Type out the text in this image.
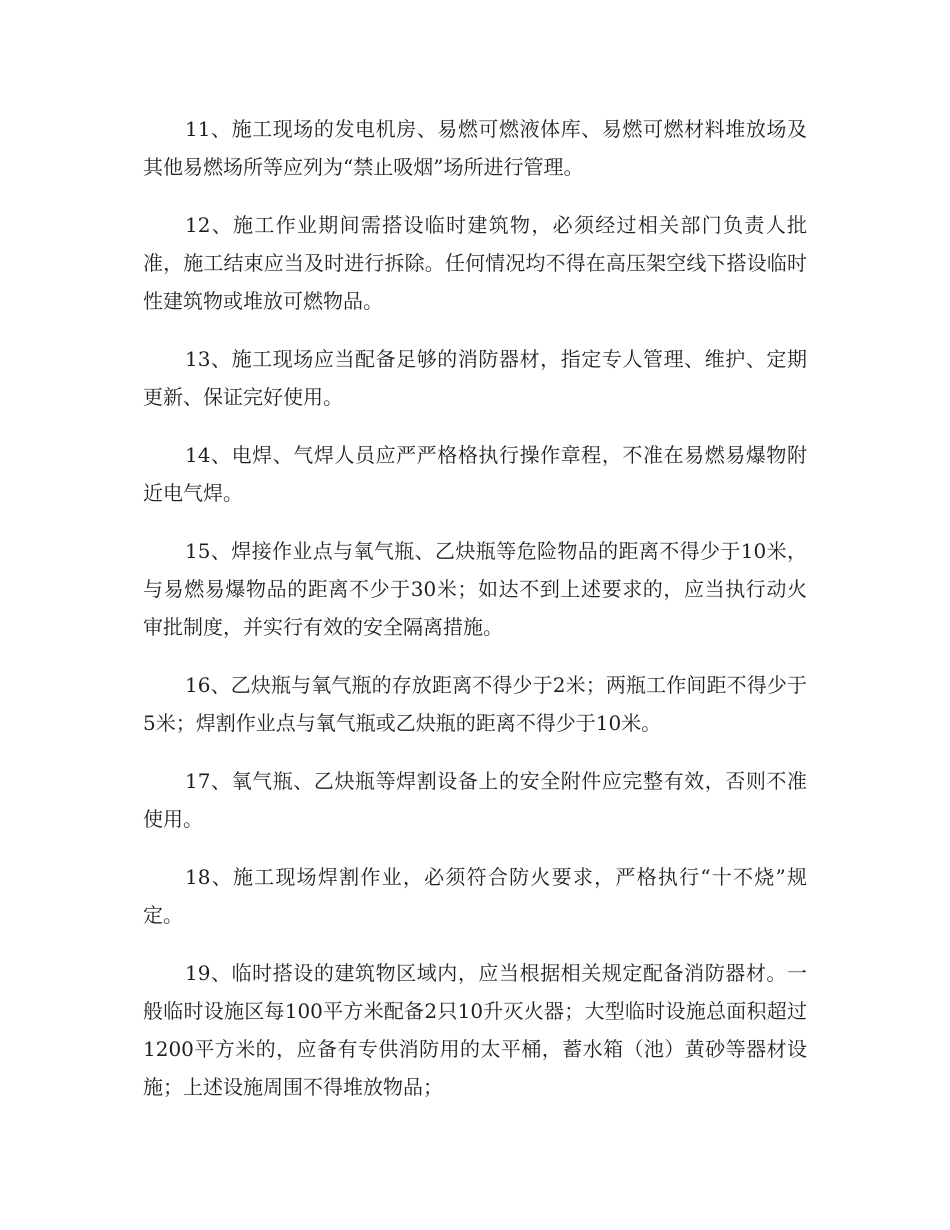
11、施工现场的发电机房、易燃可燃液体库、易燃可燃材料堆放场及其他易燃场所等应列为“禁止吸烟”场所进行管理。

12、施工作业期间需搭设临时建筑物，必须经过相关部门负责人批准，施工结束应当及时进行拆除。任何情况均不得在高压架空线下搭设临时性建筑物或堆放可燃物品。

13、施工现场应当配备足够的消防器材，指定专人管理、维护、定期更新、保证完好使用。

14、电焊、气焊人员应严严格格执行操作章程，不准在易燃易爆物附近电气焊。

15、焊接作业点与氧气瓶、乙炔瓶等危险物品的距离不得少于10米，与易燃易爆物品的距离不少于30米；如达不到上述要求的，应当执行动火审批制度，并实行有效的安全隔离措施。

16、乙炔瓶与氧气瓶的存放距离不得少于2米；两瓶工作间距不得少于5米；焊割作业点与氧气瓶或乙炔瓶的距离不得少于10米。

17、氧气瓶、乙炔瓶等焊割设备上的安全附件应完整有效，否则不准使用。

18、施工现场焊割作业，必须符合防火要求，严格执行“十不烧”规定。

19、临时搭设的建筑物区域内，应当根据相关规定配备消防器材。一般临时设施区每100平方米配备2只10升灭火器；大型临时设施总面积超过1200平方米的，应备有专供消防用的太平桶，蓄水箱（池）黄砂等器材设施；上述设施周围不得堆放物品；
